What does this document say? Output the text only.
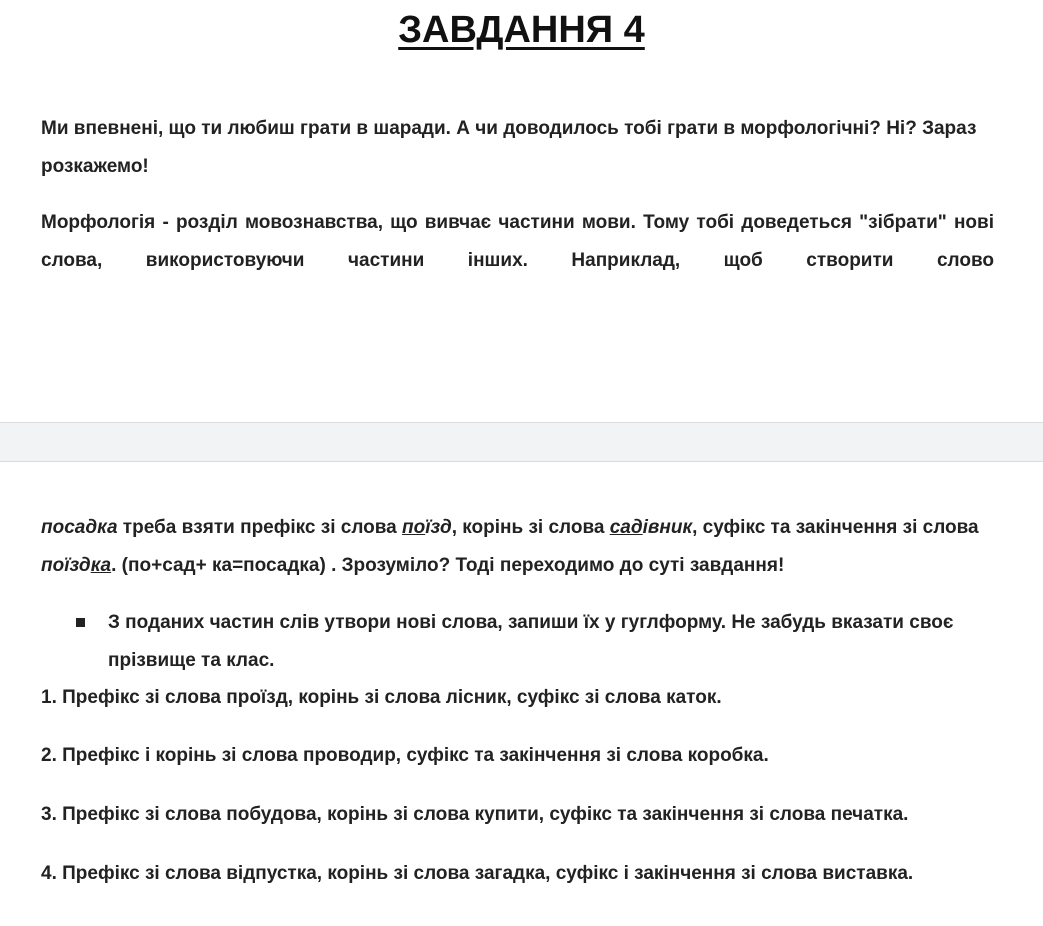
ЗАВДАННЯ 4

Ми впевнені, що ти любиш грати в шаради. А чи доводилось тобі грати в морфологічні? Ні? Зараз розкажемо!

Морфологія - розділ мовознавства, що вивчає частини мови. Тому тобі доведеться "зібрати" нові слова, використовуючи частини інших. Наприклад, щоб створити слово

посадка треба взяти префікс зі слова поїзд, корінь зі слова садівник, суфікс та закінчення зі слова поїздка. (по+сад+ ка=посадка) . Зрозуміло? Тоді переходимо до суті завдання!

З поданих частин слів утвори нові слова, запиши їх у гуглформу. Не забудь вказати своє прізвище та клас.
1. Префікс зі слова проїзд, корінь зі слова лісник, суфікс зі слова каток.
2. Префікс і корінь зі слова проводир, суфікс та закінчення зі слова коробка.
3. Префікс зі слова побудова, корінь зі слова купити, суфікс та закінчення зі слова печатка.
4. Префікс зі слова відпустка, корінь зі слова загадка, суфікс і закінчення зі слова виставка.
